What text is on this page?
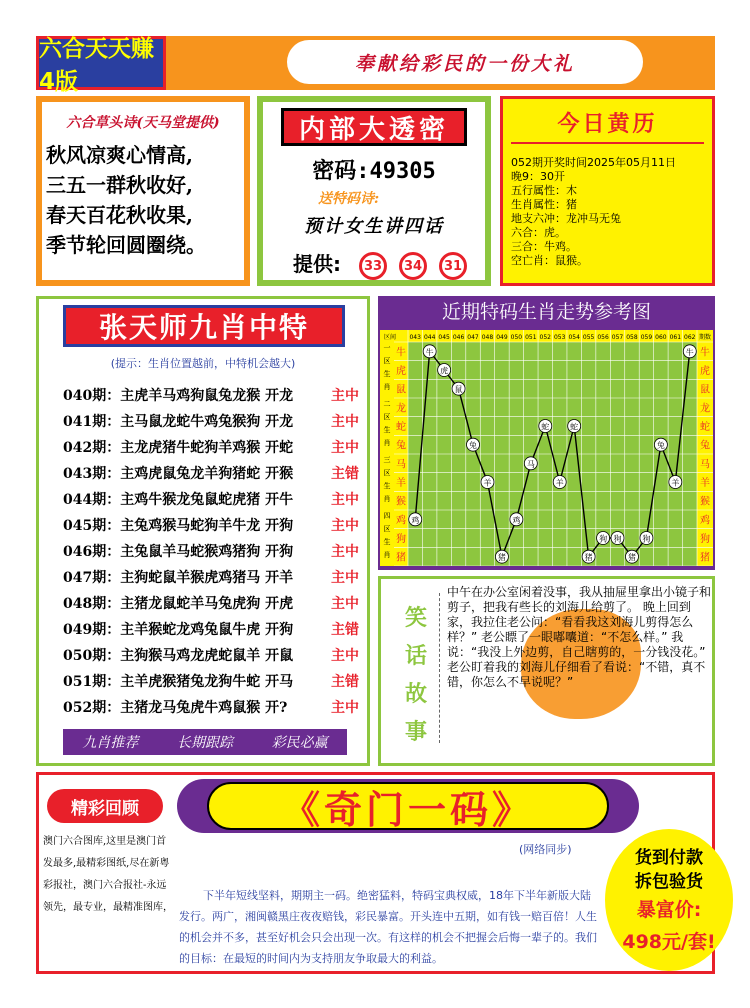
六合天天赚 4版
奉献给彩民的一份大礼
六合草头诗(天马堂提供)
秋风凉爽心情高,
三五一群秋收好,
春天百花秋收果,
季节轮回圆圈绕。
内部大透密
密码:49305
送特码诗:
预计女生讲四话
提供:	33	34	31
今日黄历
052期开奖时间2025年05月11日
晚9：30开
五行属性：木
生肖属性：猪
地支六冲：龙冲马无兔
六合：虎。
三合：牛鸡。
空亡肖：鼠猴。
张天师九肖中特
(提示：生肖位置越前，中特机会越大)
040期：主虎羊马鸡狗鼠兔龙猴 开龙	主中
041期：主马鼠龙蛇牛鸡兔猴狗 开龙	主中
042期：主龙虎猪牛蛇狗羊鸡猴 开蛇	主中
043期：主鸡虎鼠兔龙羊狗猪蛇 开猴	主错
044期：主鸡牛猴龙兔鼠蛇虎猪 开牛	主中
045期：主兔鸡猴马蛇狗羊牛龙 开狗	主中
046期：主兔鼠羊马蛇猴鸡猪狗 开狗	主中
047期：主狗蛇鼠羊猴虎鸡猪马 开羊	主中
048期：主猪龙鼠蛇羊马兔虎狗 开虎	主中
049期：主羊猴蛇龙鸡兔鼠牛虎 开狗	主错
050期：主狗猴马鸡龙虎蛇鼠羊 开鼠	主中
051期：主羊虎猴猪兔龙狗牛蛇 开马	主错
052期：主猪龙马兔虎牛鸡鼠猴 开?	主中
九肖推荐	长期跟踪	彩民必赢
近期特码生肖走势参考图
区间	期数
043 044 045 046 047 048 049 050 051 052 053 054 055 056 057 058 059 060 061 062
牛	牛
虎	虎
鼠	鼠
龙	龙
蛇	蛇
兔	兔
马	马
羊	羊
猴	猴
鸡	鸡
狗	狗
猪	猪
一
区
生
肖
二
区
生
肖
三
区
生
肖
四
区
生
肖
鸡
牛
虎
鼠
兔
羊
猪
鸡
马
蛇
羊
蛇
猪
狗 狗
猪
狗
兔
羊
牛
笑
话
故
事
中午在办公室闲着没事，我从抽屉里拿出小镜子和剪子，把我有些长的刘海儿给剪了。 晚上回到家，我拉住老公问：“看看我这刘海儿剪得怎么样？” 老公瞟了一眼嘟囔道：“不怎么样。” 我说：“我没上外边剪，自己瞎剪的，一分钱没花。” 老公盯着我的刘海儿仔细看了看说：“不错，真不错，你怎么不早说呢？”
精彩回顾
澳门六合图库,这里是澳门首发最多,最精彩图纸,尽在新粤彩报社，澳门六合报社-永远领先，最专业，最精准图库，
《奇门一码》
(网络同步)
下半年短线坚料，期期主一码。绝密猛料，特码宝典权威，18年下半年新版大陆发行。两广，湘闽赣黑庄夜夜赔钱，彩民暴富。开头连中五期，如有钱一赔百倍！人生的机会并不多，甚至好机会只会出现一次。有这样的机会不把握会后悔一辈子的。我们的目标：在最短的时间内为支持朋友争取最大的利益。
货到付款
拆包验货
暴富价:
498元/套!
